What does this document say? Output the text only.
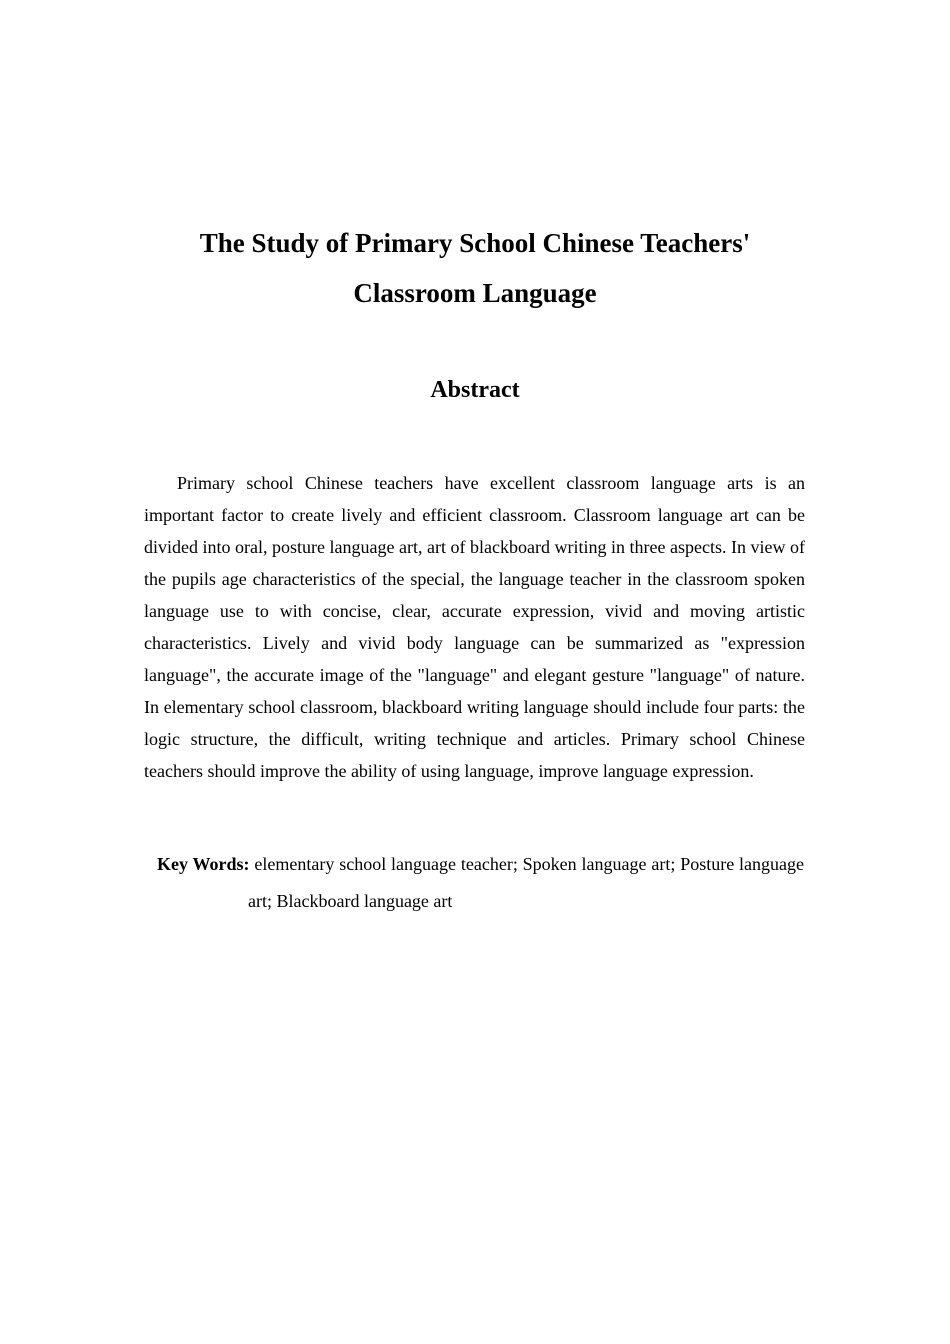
The Study of Primary School Chinese Teachers'
Classroom Language
Abstract

Primary school Chinese teachers have excellent classroom language arts is an important factor to create lively and efficient classroom. Classroom language art can be divided into oral, posture language art, art of blackboard writing in three aspects. In view of the pupils age characteristics of the special, the language teacher in the classroom spoken language use to with concise, clear, accurate expression, vivid and moving artistic characteristics. Lively and vivid body language can be summarized as "expression language", the accurate image of the "language" and elegant gesture "language" of nature. In elementary school classroom, blackboard writing language should include four parts: the logic structure, the difficult, writing technique and articles. Primary school Chinese teachers should improve the ability of using language, improve language expression.

Key Words: elementary school language teacher; Spoken language art; Posture language art; Blackboard language art
